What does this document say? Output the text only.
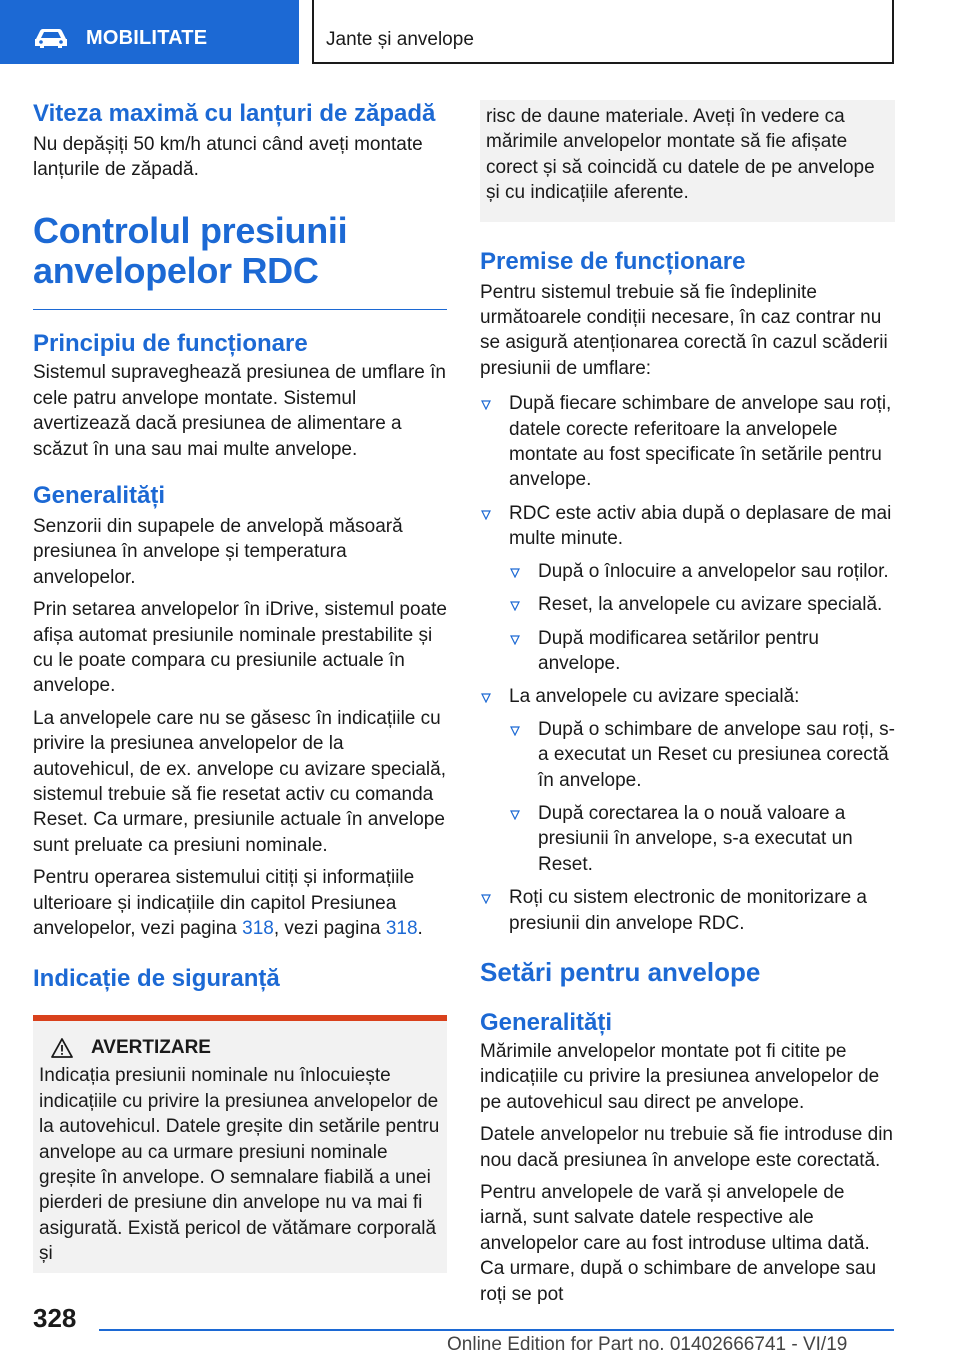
MOBILITATE	Jante și anvelope
Viteza maximă cu lanțuri de zăpadă

Nu depășiți 50 km/h atunci când aveți montate lanțurile de zăpadă.

Controlul presiunii anvelopelor RDC
Principiu de funcționare

Sistemul supraveghează presiunea de umflare în cele patru anvelope montate. Sistemul avertizează dacă presiunea de alimentare a scăzut în una sau mai multe anvelope.

Generalități

Senzorii din supapele de anvelopă măsoară presiunea în anvelope și temperatura anvelopelor.

Prin setarea anvelopelor în iDrive, sistemul poate afișa automat presiunile nominale prestabilite și cu le poate compara cu presiunile actuale în anvelope.

La anvelopele care nu se găsesc în indicațiile cu privire la presiunea anvelopelor de la autovehicul, de ex. anvelope cu avizare specială, sistemul trebuie să fie resetat activ cu comanda Reset. Ca urmare, presiunile actuale în anvelope sunt preluate ca presiuni nominale.

Pentru operarea sistemului citiți și informațiile ulterioare și indicațiile din capitol Presiunea anvelopelor, vezi pagina 318, vezi pagina 318.

Indicație de siguranță
AVERTIZARE

Indicația presiunii nominale nu înlocuiește indicațiile cu privire la presiunea anvelopelor de la autovehicul. Datele greșite din setările pentru anvelope au ca urmare presiuni nominale greșite în anvelope. O semnalare fiabilă a unei pierderi de presiune din anvelope nu va mai fi asigurată. Există pericol de vătămare corporală și

risc de daune materiale. Aveți în vedere ca mărimile anvelopelor montate să fie afișate corect și să coincidă cu datele de pe anvelope și cu indicațiile aferente.

Premise de funcționare

Pentru sistemul trebuie să fie îndeplinite următoarele condiții necesare, în caz contrar nu se asigură atenționarea corectă în cazul scăderii presiunii de umflare:

După fiecare schimbare de anvelope sau roți, datele corecte referitoare la anvelopele montate au fost specificate în setările pentru anvelope.
RDC este activ abia după o deplasare de mai multe minute.
După o înlocuire a anvelopelor sau roților.
Reset, la anvelopele cu avizare specială.
După modificarea setărilor pentru anvelope.
La anvelopele cu avizare specială:
După o schimbare de anvelope sau roți, s-a executat un Reset cu presiunea corectă în anvelope.
După corectarea la o nouă valoare a presiunii în anvelope, s-a executat un Reset.
Roți cu sistem electronic de monitorizare a presiunii din anvelope RDC.
Setări pentru anvelope
Generalități

Mărimile anvelopelor montate pot fi citite pe indicațiile cu privire la presiunea anvelopelor de pe autovehicul sau direct pe anvelope.

Datele anvelopelor nu trebuie să fie introduse din nou dacă presiunea în anvelope este corectată.

Pentru anvelopele de vară și anvelopele de iarnă, sunt salvate datele respective ale anvelopelor care au fost introduse ultima dată. Ca urmare, după o schimbare de anvelope sau roți se pot

328
Online Edition for Part no. 01402666741 - VI/19
